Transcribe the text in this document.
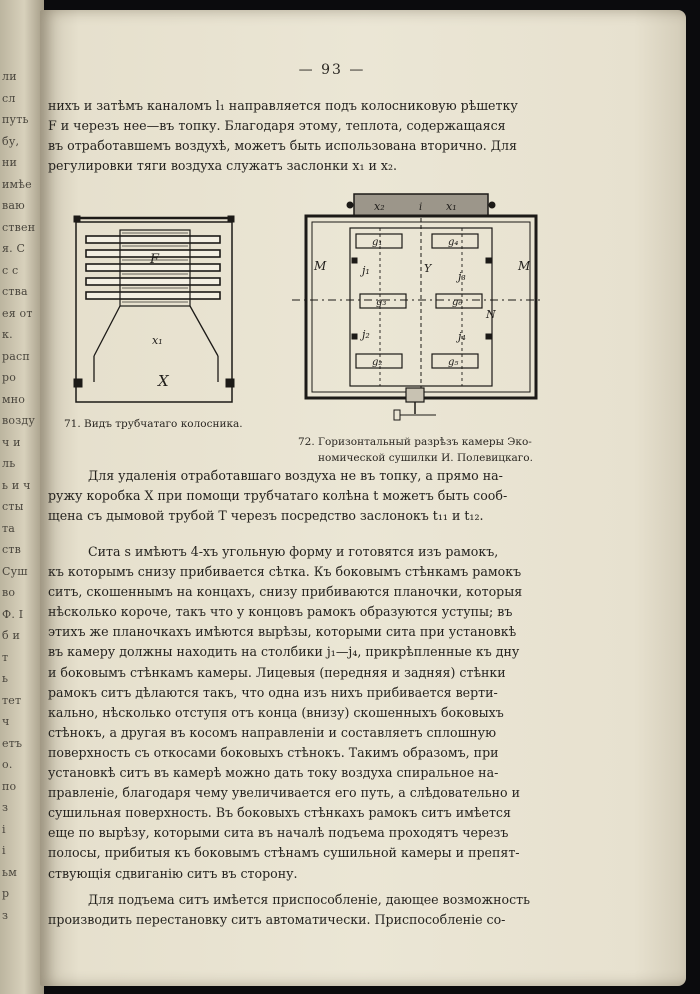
ли
сл
путь
бу,
ни
имѣе
ваю
ствен
я. С
с с
ства
ея от
к.
расп
ро
мно
возду
ч и
ль
ь и ч
сты
та
ств
Суш
во
Ф. І
б и
т
ь
тет
ч
етъ
о.
по
з
і
і
ьм
р
з
— 93 —
нихъ и затѣмъ каналомъ l₁ направляется подъ колосниковую рѣшетку
F и черезъ нее—въ топку. Благодаря этому, теплота, содержащаяся
въ отработавшемъ воздухѣ, можетъ быть использована вторично. Для
регулировки тяги воздуха служатъ заслонки x₁ и x₂.
F
x₁
X
71. Видъ трубчатаго колосника.
x₂	i x₁
g₁	g₄
g₃	g₆
g₂	g₅
j₁
j₂
j₃
j₄
M	M
Y
N
72. Горизонтальный разрѣзъ камеры Эко-
номической сушилки И. Полевицкаго.
Для удаленія отработавшаго воздуха не въ топку, а прямо на-
ружу коробка X при помощи трубчатаго колѣна t можетъ быть сооб-
щена съ дымовой трубой T черезъ посредство заслонокъ t₁₁ и t₁₂.
Сита s имѣютъ 4-хъ угольную форму и готовятся изъ рамокъ,
къ которымъ снизу прибивается сѣтка. Къ боковымъ стѣнкамъ рамокъ
ситъ, скошеннымъ на концахъ, снизу прибиваются планочки, которыя
нѣсколько короче, такъ что у концовъ рамокъ образуются уступы; въ
этихъ же планочкахъ имѣются вырѣзы, которыми сита при установкѣ
въ камеру должны находить на столбики j₁—j₄, прикрѣпленные къ дну
и боковымъ стѣнкамъ камеры. Лицевыя (передняя и задняя) стѣнки
рамокъ ситъ дѣлаются такъ, что одна изъ нихъ прибивается верти-
кально, нѣсколько отступя отъ конца (внизу) скошенныхъ боковыхъ
стѣнокъ, а другая въ косомъ направленіи и составляетъ сплошную
поверхность съ откосами боковыхъ стѣнокъ. Такимъ образомъ, при
установкѣ ситъ въ камерѣ можно дать току воздуха спиральное на-
правленіе, благодаря чему увеличивается его путь, а слѣдовательно и
сушильная поверхность. Въ боковыхъ стѣнкахъ рамокъ ситъ имѣется
еще по вырѣзу, которыми сита въ началѣ подъема проходятъ черезъ
полосы, прибитыя къ боковымъ стѣнамъ сушильной камеры и препят-
ствующія сдвиганію ситъ въ сторону.
Для подъема ситъ имѣется приспособленіе, дающее возможность
производить перестановку ситъ автоматически. Приспособленіе со-
